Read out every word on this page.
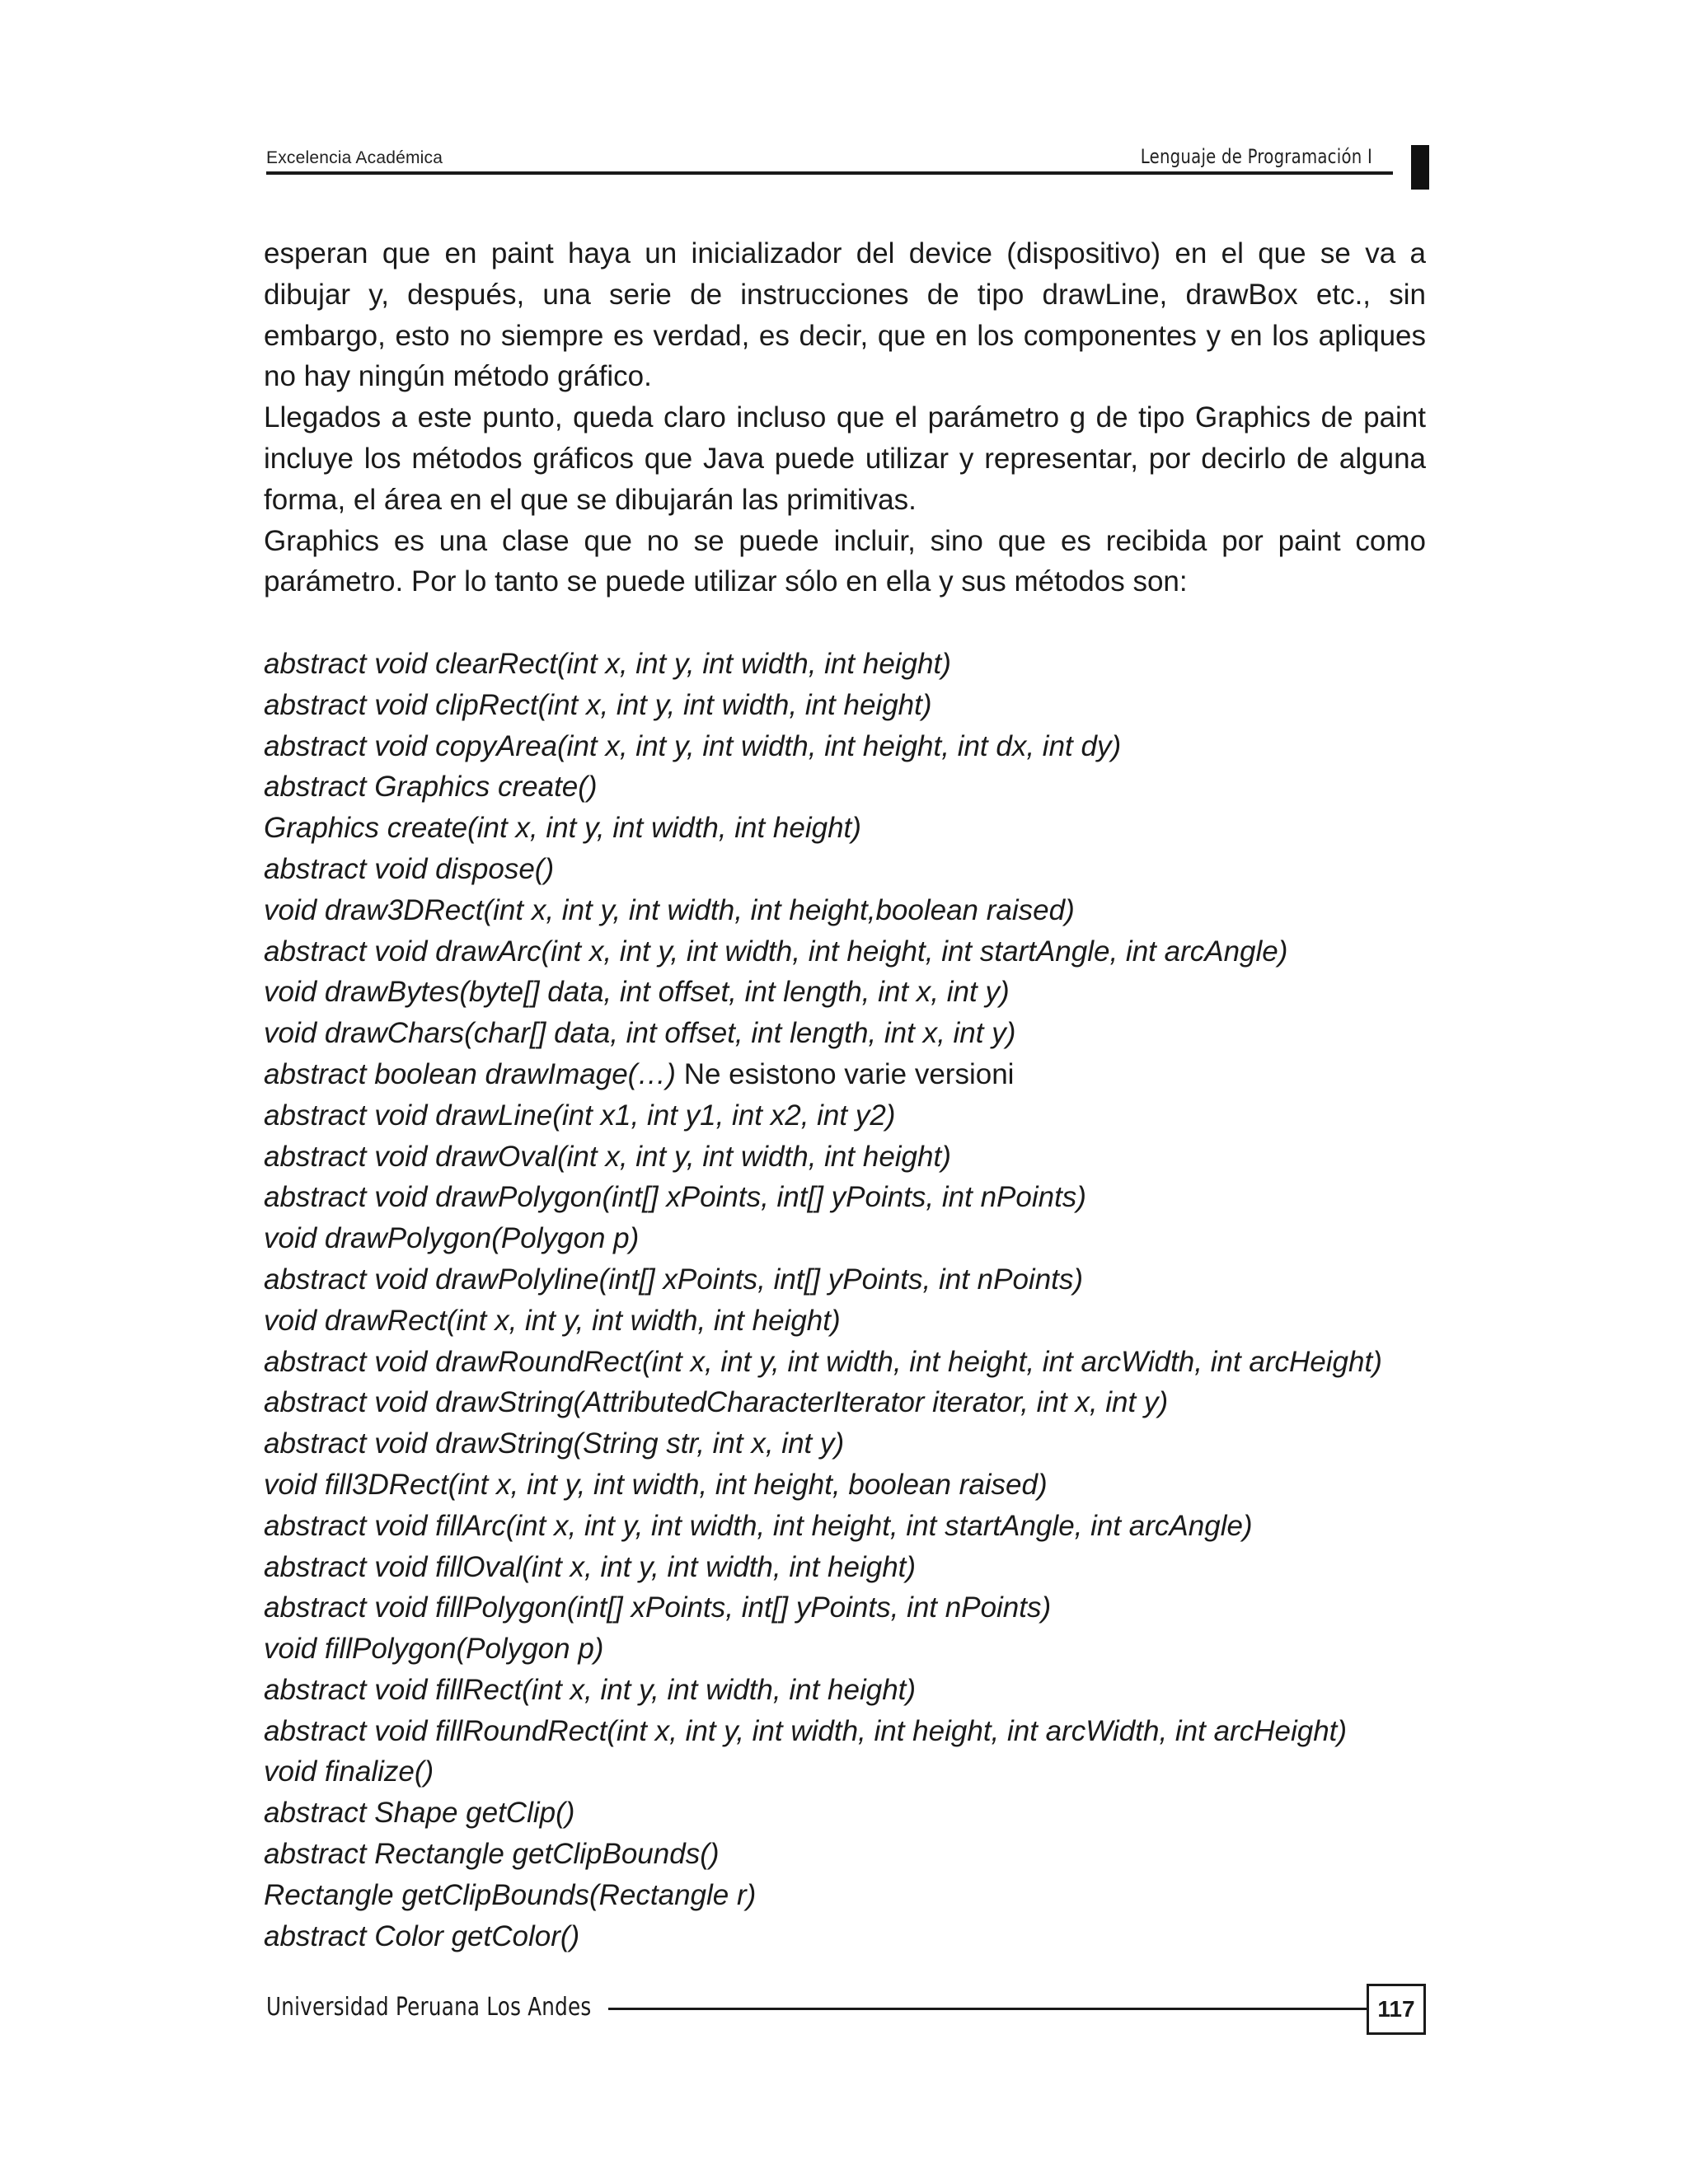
Excelencia Académica	Lenguaje de Programación I

esperan que en paint haya un inicializador del device (dispositivo) en el que se va a dibujar y, después, una serie de instrucciones de tipo drawLine, drawBox etc., sin embargo, esto no siempre es verdad, es decir, que en los componentes y en los apliques no hay ningún método gráfico.

Llegados a este punto, queda claro incluso que el parámetro g de tipo Graphics de paint incluye los métodos gráficos que Java puede utilizar y representar, por decirlo de alguna forma, el área en el que se dibujarán las primitivas.

Graphics es una clase que no se puede incluir, sino que es recibida por paint como parámetro. Por lo tanto se puede utilizar sólo en ella y sus métodos son:

abstract void clearRect(int x, int y, int width, int height)
abstract void clipRect(int x, int y, int width, int height)
abstract void copyArea(int x, int y, int width, int height, int dx, int dy)
abstract Graphics create()
Graphics create(int x, int y, int width, int height)
abstract void dispose()
void draw3DRect(int x, int y, int width, int height,boolean raised)
abstract void drawArc(int x, int y, int width, int height, int startAngle, int arcAngle)
void drawBytes(byte[] data, int offset, int length, int x, int y)
void drawChars(char[] data, int offset, int length, int x, int y)
abstract boolean drawImage(…) Ne esistono varie versioni
abstract void drawLine(int x1, int y1, int x2, int y2)
abstract void drawOval(int x, int y, int width, int height)
abstract void drawPolygon(int[] xPoints, int[] yPoints, int nPoints)
void drawPolygon(Polygon p)
abstract void drawPolyline(int[] xPoints, int[] yPoints, int nPoints)
void drawRect(int x, int y, int width, int height)
abstract void drawRoundRect(int x, int y, int width, int height, int arcWidth, int arcHeight)
abstract void drawString(AttributedCharacterIterator iterator, int x, int y)
abstract void drawString(String str, int x, int y)
void fill3DRect(int x, int y, int width, int height, boolean raised)
abstract void fillArc(int x, int y, int width, int height, int startAngle, int arcAngle)
abstract void fillOval(int x, int y, int width, int height)
abstract void fillPolygon(int[] xPoints, int[] yPoints, int nPoints)
void fillPolygon(Polygon p)
abstract void fillRect(int x, int y, int width, int height)
abstract void fillRoundRect(int x, int y, int width, int height, int arcWidth, int arcHeight)
void finalize()
abstract Shape getClip()
abstract Rectangle getClipBounds()
Rectangle getClipBounds(Rectangle r)
abstract Color getColor()
Universidad Peruana Los Andes	117
